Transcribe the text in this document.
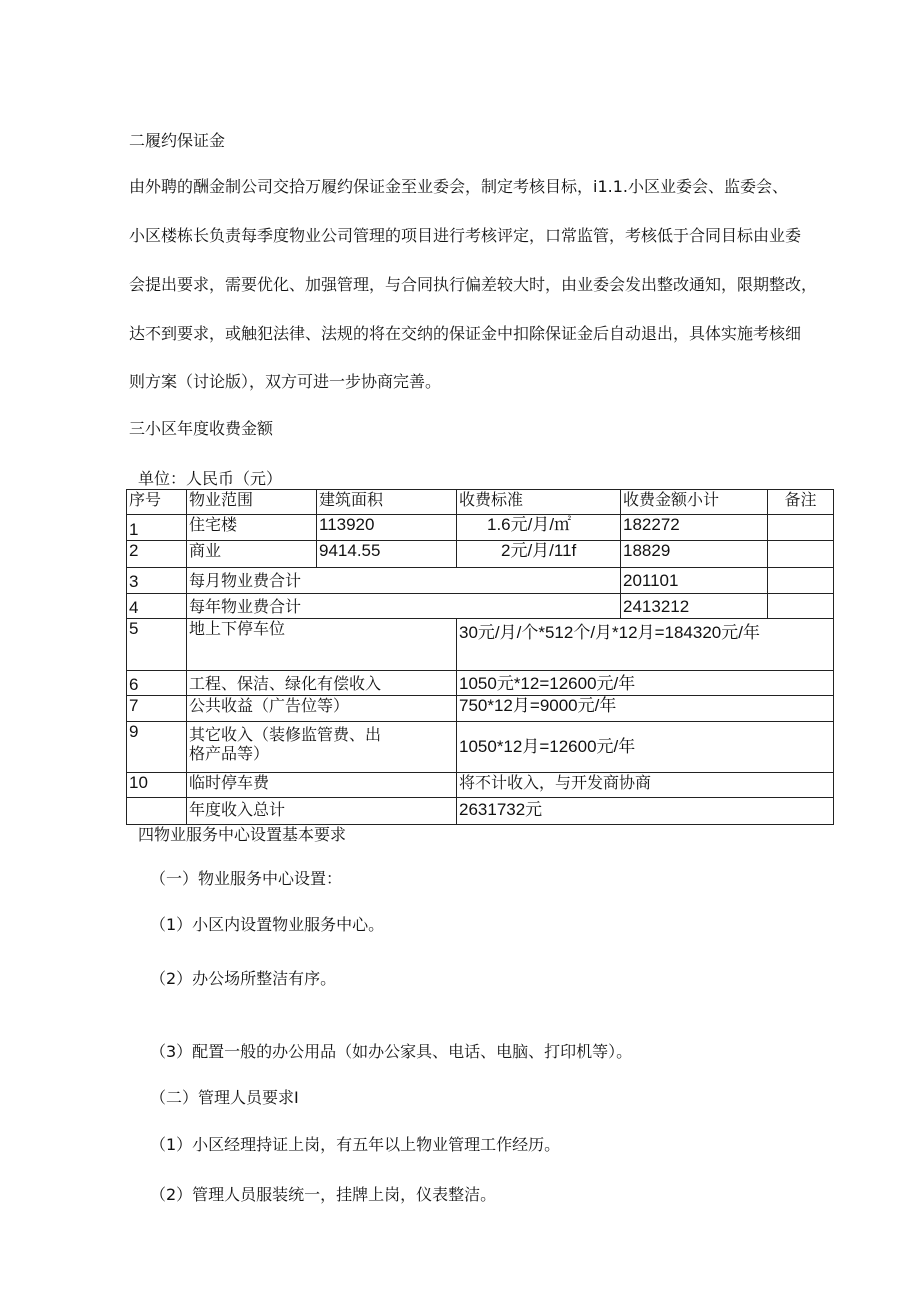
二履约保证金
由外聘的酬金制公司交拾万履约保证金至业委会，制定考核目标，i1.1.小区业委会、监委会、
小区楼栋长负责每季度物业公司管理的项目进行考核评定，口常监管，考核低于合同目标由业委
会提出要求，需要优化、加强管理，与合同执行偏差较大时，由业委会发出整改通知，限期整改，
达不到要求，或触犯法律、法规的将在交纳的保证金中扣除保证金后自动退出，具体实施考核细
则方案（讨论版），双方可进一步协商完善。
三小区年度收费金额
单位：人民币（元）
序号	物业范围	建筑面积	收费标准	收费金额小计	备注
1	住宅楼	113920	1.6元/月/㎡	182272	
2	商业	9414.55	2元/月/11f	18829	
3	每月物业费合计			201101	
4	每年物业费合计			2413212	
5	地上下停车位		30元/月/个*512个/月*12月=184320元/年		
6	工程、保洁、绿化有偿收入		1050元*12=12600元/年		
7	公共收益（广告位等）		750*12月=9000元/年		
9	其它收入（装修监管费、出格产品等）		1050*12月=12600元/年		
10	临时停车费		将不计收入，与开发商协商		
	年度收入总计		2631732元		
四物业服务中心设置基本要求
（一）物业服务中心设置：
（1）小区内设置物业服务中心。
（2）办公场所整洁有序。
（3）配置一般的办公用品（如办公家具、电话、电脑、打印机等）。
（二）管理人员要求I
（1）小区经理持证上岗，有五年以上物业管理工作经历。
（2）管理人员服装统一，挂牌上岗，仪表整洁。
